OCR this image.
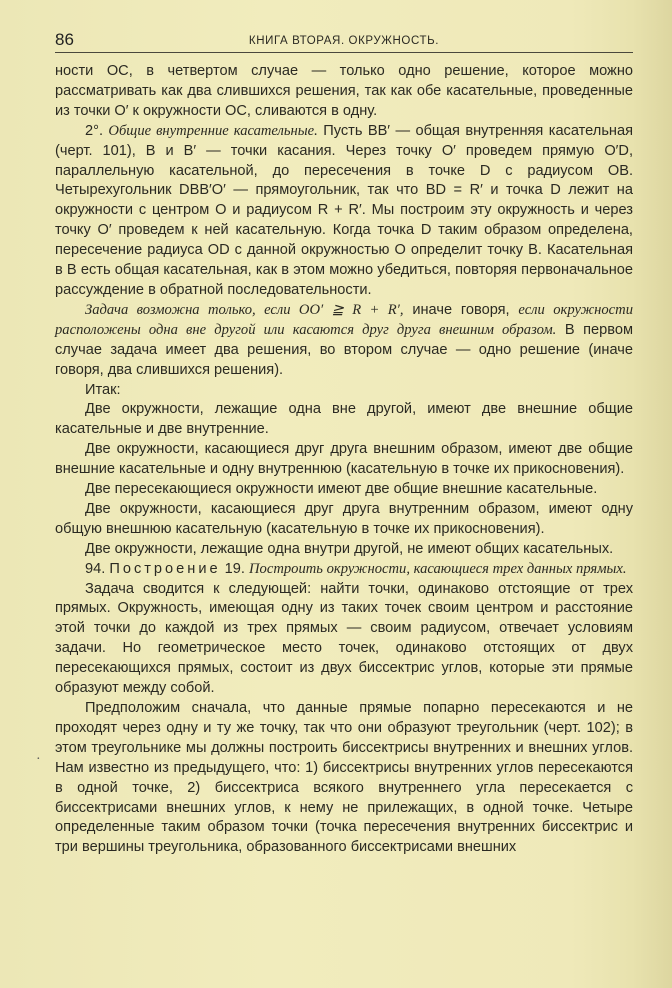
86	КНИГА ВТОРАЯ. ОКРУЖНОСТЬ.

ности OC, в четвертом случае — только одно решение, которое можно рассматривать как два слившихся решения, так как обе касательные, проведенные из точки O′ к окружности OC, сливаются в одну.

2°. Общие внутренние касательные. Пусть BB′ — общая внутренняя касательная (черт. 101), B и B′ — точки касания. Через точку O′ проведем прямую O′D, параллельную касательной, до пересечения в точке D с радиусом OB. Четырехугольник DBB′O′ — прямоугольник, так что BD = R′ и точка D лежит на окружности с центром O и радиусом R + R′. Мы построим эту окружность и через точку O′ проведем к ней касательную. Когда точка D таким образом определена, пересечение радиуса OD с данной окружностью O определит точку B. Касательная в B есть общая касательная, как в этом можно убедиться, повторяя первоначальное рассуждение в обратной последовательности.

Задача возможна только, если OO′ ≧ R + R′, иначе говоря, если окружности расположены одна вне другой или касаются друг друга внешним образом. В первом случае задача имеет два решения, во втором случае — одно решение (иначе говоря, два слившихся решения).

Итак:

Две окружности, лежащие одна вне другой, имеют две внешние общие касательные и две внутренние.

Две окружности, касающиеся друг друга внешним образом, имеют две общие внешние касательные и одну внутреннюю (касательную в точке их прикосновения).

Две пересекающиеся окружности имеют две общие внешние касательные.

Две окружности, касающиеся друг друга внутренним образом, имеют одну общую внешнюю касательную (касательную в точке их прикосновения).

Две окружности, лежащие одна внутри другой, не имеют общих касательных.

94. Построение 19. Построить окружности, касающиеся трех данных прямых.

Задача сводится к следующей: найти точки, одинаково отстоящие от трех прямых. Окружность, имеющая одну из таких точек своим центром и расстояние этой точки до каждой из трех прямых — своим радиусом, отвечает условиям задачи. Но геометрическое место точек, одинаково отстоящих от двух пересекающихся прямых, состоит из двух биссектрис углов, которые эти прямые образуют между собой.

Предположим сначала, что данные прямые попарно пересекаются и не проходят через одну и ту же точку, так что они образуют треугольник (черт. 102); в этом треугольнике мы должны построить биссектрисы внутренних и внешних углов. Нам известно из предыдущего, что: 1) биссектрисы внутренних углов пересекаются в одной точке, 2) биссектриса всякого внутреннего угла пересекается с биссектрисами внешних углов, к нему не прилежащих, в одной точке. Четыре определенные таким образом точки (точка пересечения внутренних биссектрис и три вершины треугольника, образованного биссектрисами внешних

·
